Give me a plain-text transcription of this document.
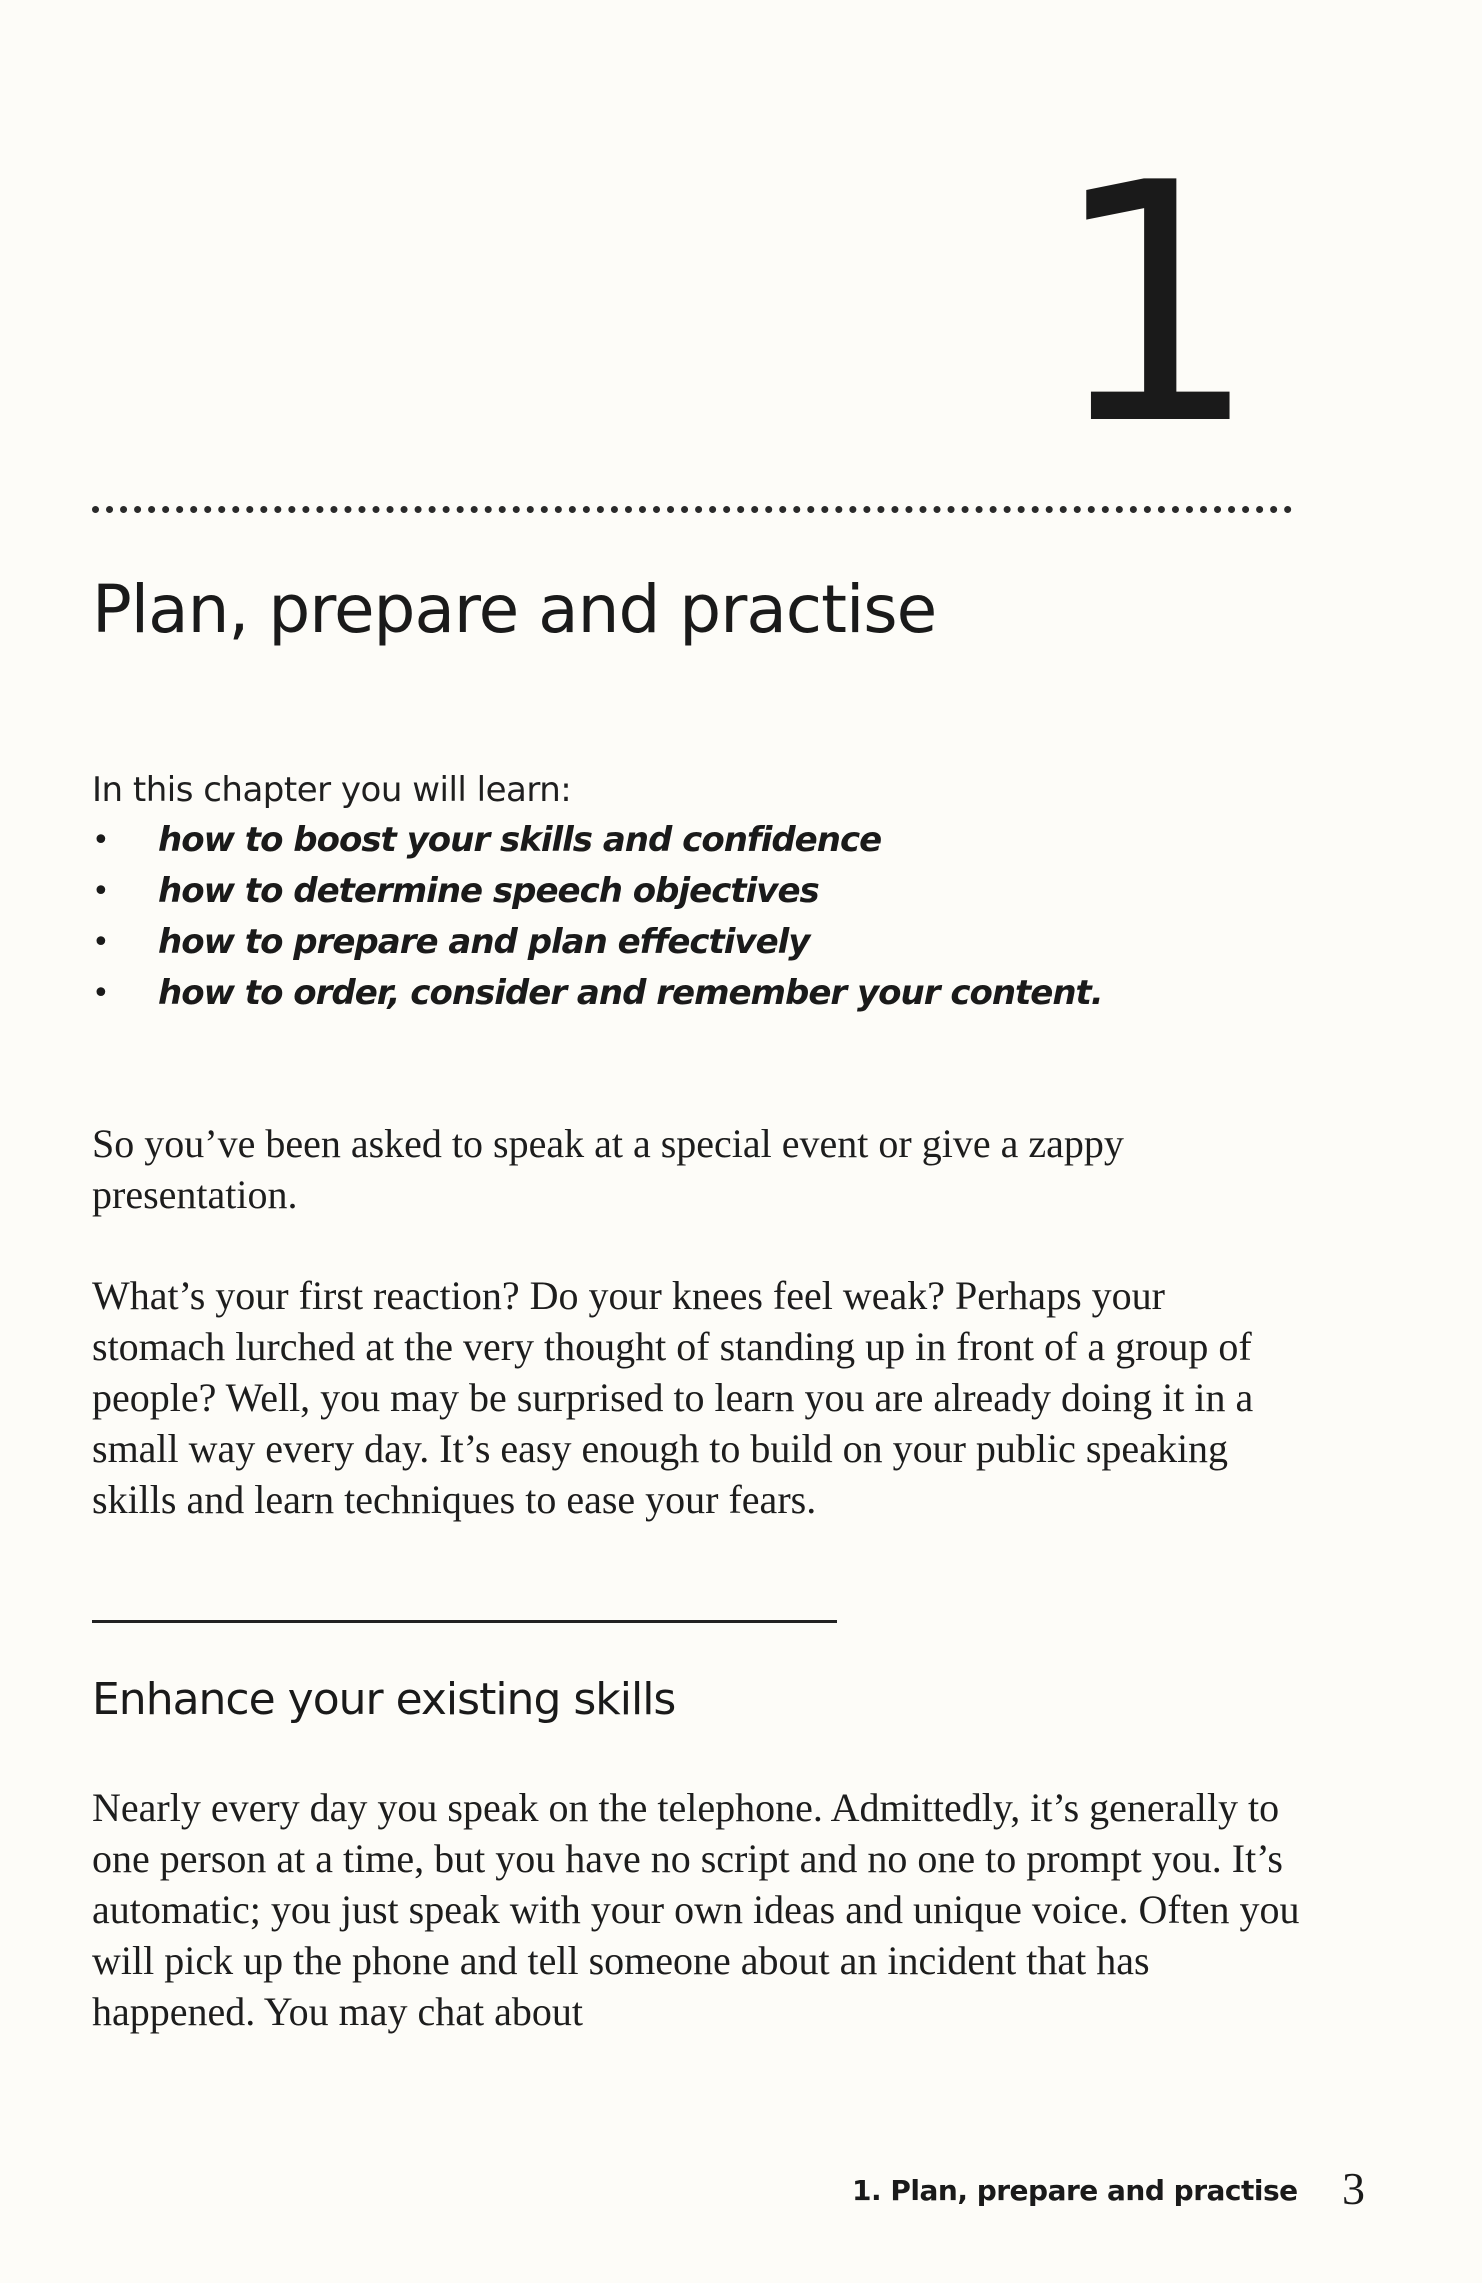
1
Plan, prepare and practise
In this chapter you will learn:
• how to boost your skills and confidence
• how to determine speech objectives
• how to prepare and plan effectively
• how to order, consider and remember your content.

So you’ve been asked to speak at a special event or give a zappy presentation.

What’s your first reaction? Do your knees feel weak? Perhaps your stomach lurched at the very thought of standing up in front of a group of people? Well, you may be surprised to learn you are already doing it in a small way every day. It’s easy enough to build on your public speaking skills and learn techniques to ease your fears.

Enhance your existing skills

Nearly every day you speak on the telephone. Admittedly, it’s generally to one person at a time, but you have no script and no one to prompt you. It’s automatic; you just speak with your own ideas and unique voice. Often you will pick up the phone and tell someone about an incident that has happened. You may chat about

1. Plan, prepare and practise 3
